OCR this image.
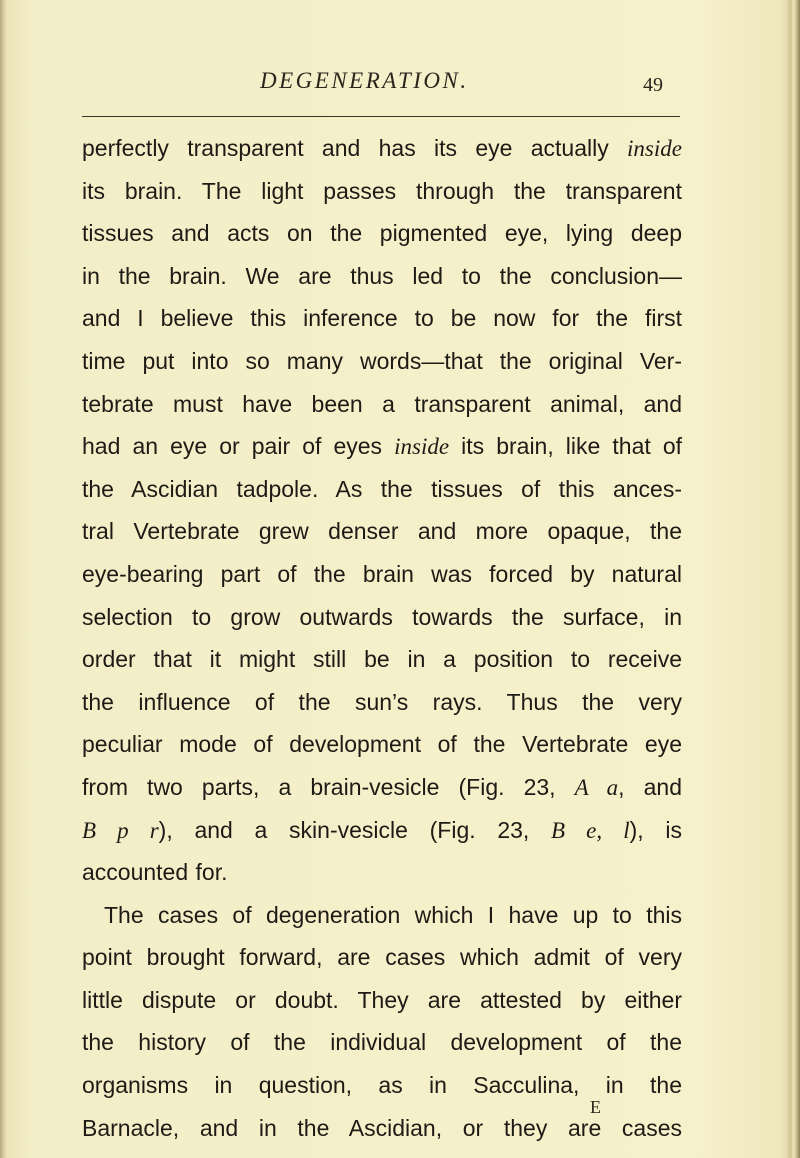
DEGENERATION.	49
perfectly transparent and has its eye actually inside
its brain. The light passes through the transparent
tissues and acts on the pigmented eye, lying deep
in the brain. We are thus led to the conclusion—
and I believe this inference to be now for the first
time put into so many words—that the original Ver-
tebrate must have been a transparent animal, and
had an eye or pair of eyes inside its brain, like that of
the Ascidian tadpole. As the tissues of this ances-
tral Vertebrate grew denser and more opaque, the
eye-bearing part of the brain was forced by natural
selection to grow outwards towards the surface, in
order that it might still be in a position to receive
the influence of the sun’s rays. Thus the very
peculiar mode of development of the Vertebrate eye
from two parts, a brain-vesicle (Fig. 23, A a, and
B p r), and a skin-vesicle (Fig. 23, B e, l), is
accounted for.
The cases of degeneration which I have up to this
point brought forward, are cases which admit of very
little dispute or doubt. They are attested by either
the history of the individual development of the
organisms in question, as in Sacculina, in the
Barnacle, and in the Ascidian, or they are cases
E
